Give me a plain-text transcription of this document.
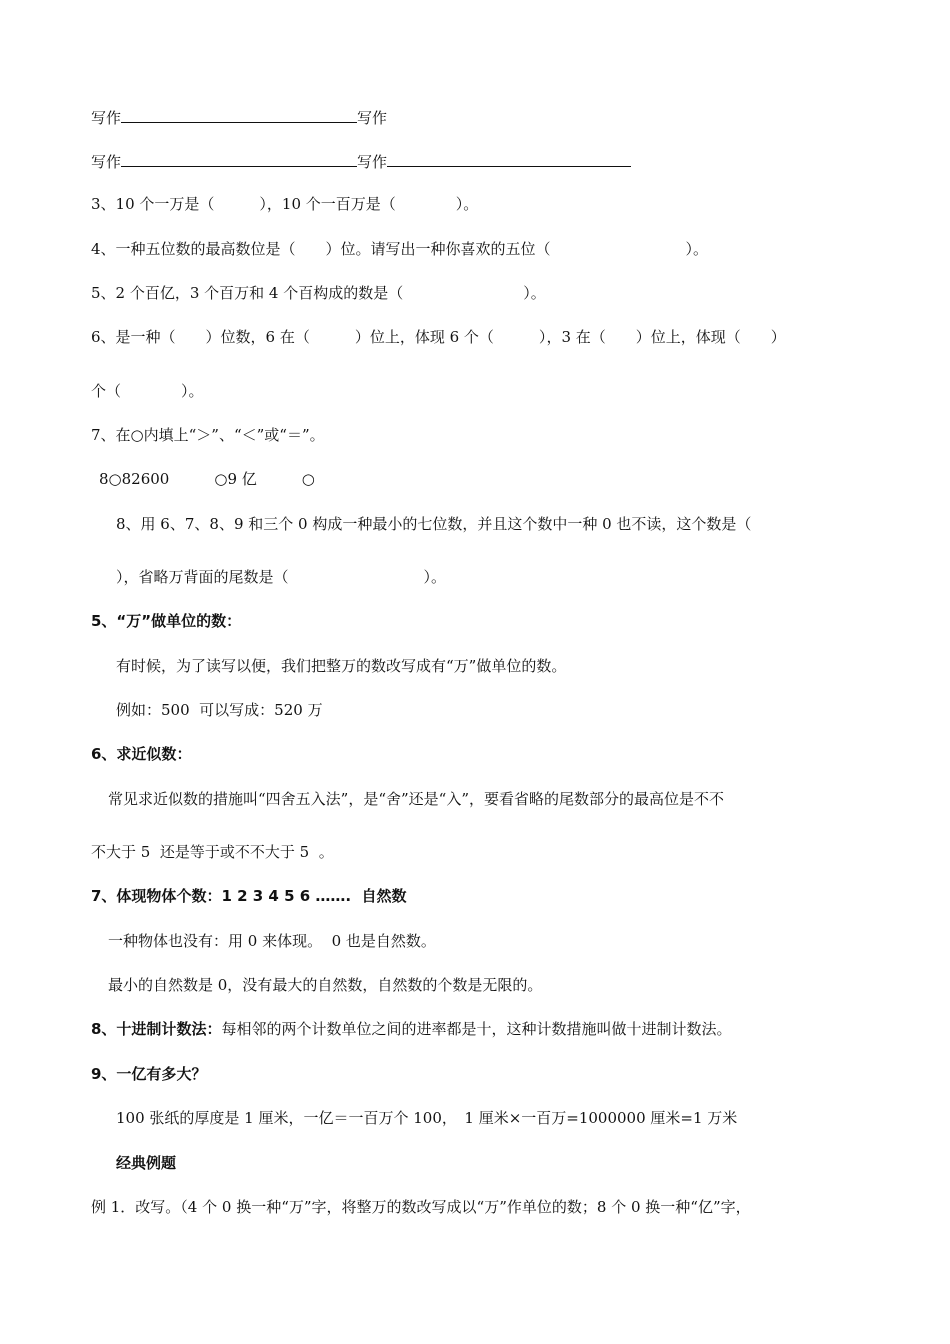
写作	写作
写作	写作
3、10 个一万是（　　　），10 个一百万是（　　　　）。
4、一种五位数的最高数位是（　　）位。请写出一种你喜欢的五位（　　　　　　　　　）。
5、2 个百亿，3 个百万和 4 个百构成的数是（　　　　　　　　）。
6、是一种（　　）位数，6 在（　　　）位上，体现 6 个（　　　），3 在（　　）位上，体现（　　）
个（　　　　）。
7、在○内填上“＞”、“＜”或“＝”。
8○82600　　　○9 亿　　　○
8、用 6、7、8、9 和三个 0 构成一种最小的七位数，并且这个数中一种 0 也不读，这个数是（
），省略万背面的尾数是（　　　　　　　　　）。
5、“万”做单位的数：
有时候，为了读写以便，我们把整万的数改写成有“万”做单位的数。
例如：500  可以写成：520 万
6、求近似数：
常见求近似数的措施叫“四舍五入法”，是“舍”还是“入”，要看省略的尾数部分的最高位是不不
不大于 5  还是等于或不不大于 5  。
7、体现物体个数：1 2 3 4 5 6 …….  自然数
一种物体也没有：用 0 来体现。  0 也是自然数。
最小的自然数是 0，没有最大的自然数，自然数的个数是无限的。
8、十进制计数法：每相邻的两个计数单位之间的进率都是十，这种计数措施叫做十进制计数法。
9、一亿有多大？
100 张纸的厚度是 1 厘米，一亿＝一百万个 100，　1 厘米×一百万=1000000 厘米=1 万米
经典例题
例 1．改写。（4 个 0 换一种“万”字，将整万的数改写成以“万”作单位的数；8 个 0 换一种“亿”字，
